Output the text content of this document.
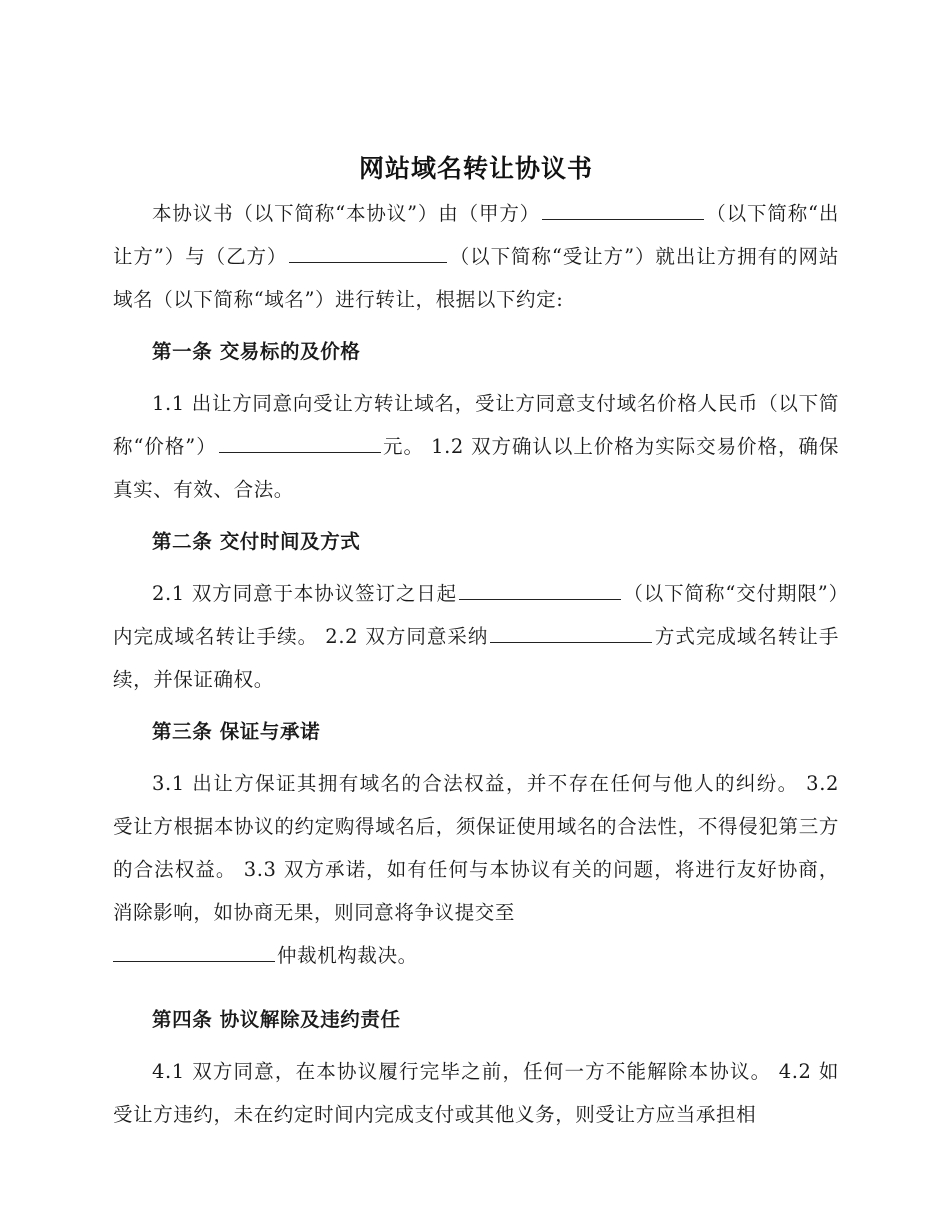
网站域名转让协议书

本协议书（以下简称“本协议”）由（甲方）	（以下简称“出让方”）与（乙方）	（以下简称“受让方”）就出让方拥有的网站域名（以下简称“域名”）进行转让，根据以下约定:

第一条 交易标的及价格

1.1 出让方同意向受让方转让域名，受让方同意支付域名价格人民币（以下简称“价格”）	元。 1.2 双方确认以上价格为实际交易价格，确保真实、有效、合法。

第二条 交付时间及方式

2.1 双方同意于本协议签订之日起	（以下简称“交付期限”）内完成域名转让手续。 2.2 双方同意采纳	方式完成域名转让手续，并保证确权。

第三条 保证与承诺

3.1 出让方保证其拥有域名的合法权益，并不存在任何与他人的纠纷。 3.2 受让方根据本协议的约定购得域名后，须保证使用域名的合法性，不得侵犯第三方的合法权益。 3.3 双方承诺，如有任何与本协议有关的问题，将进行友好协商，消除影响，如协商无果，则同意将争议提交至

仲裁机构裁决。

第四条 协议解除及违约责任

4.1 双方同意，在本协议履行完毕之前，任何一方不能解除本协议。 4.2 如受让方违约，未在约定时间内完成支付或其他义务，则受让方应当承担相
